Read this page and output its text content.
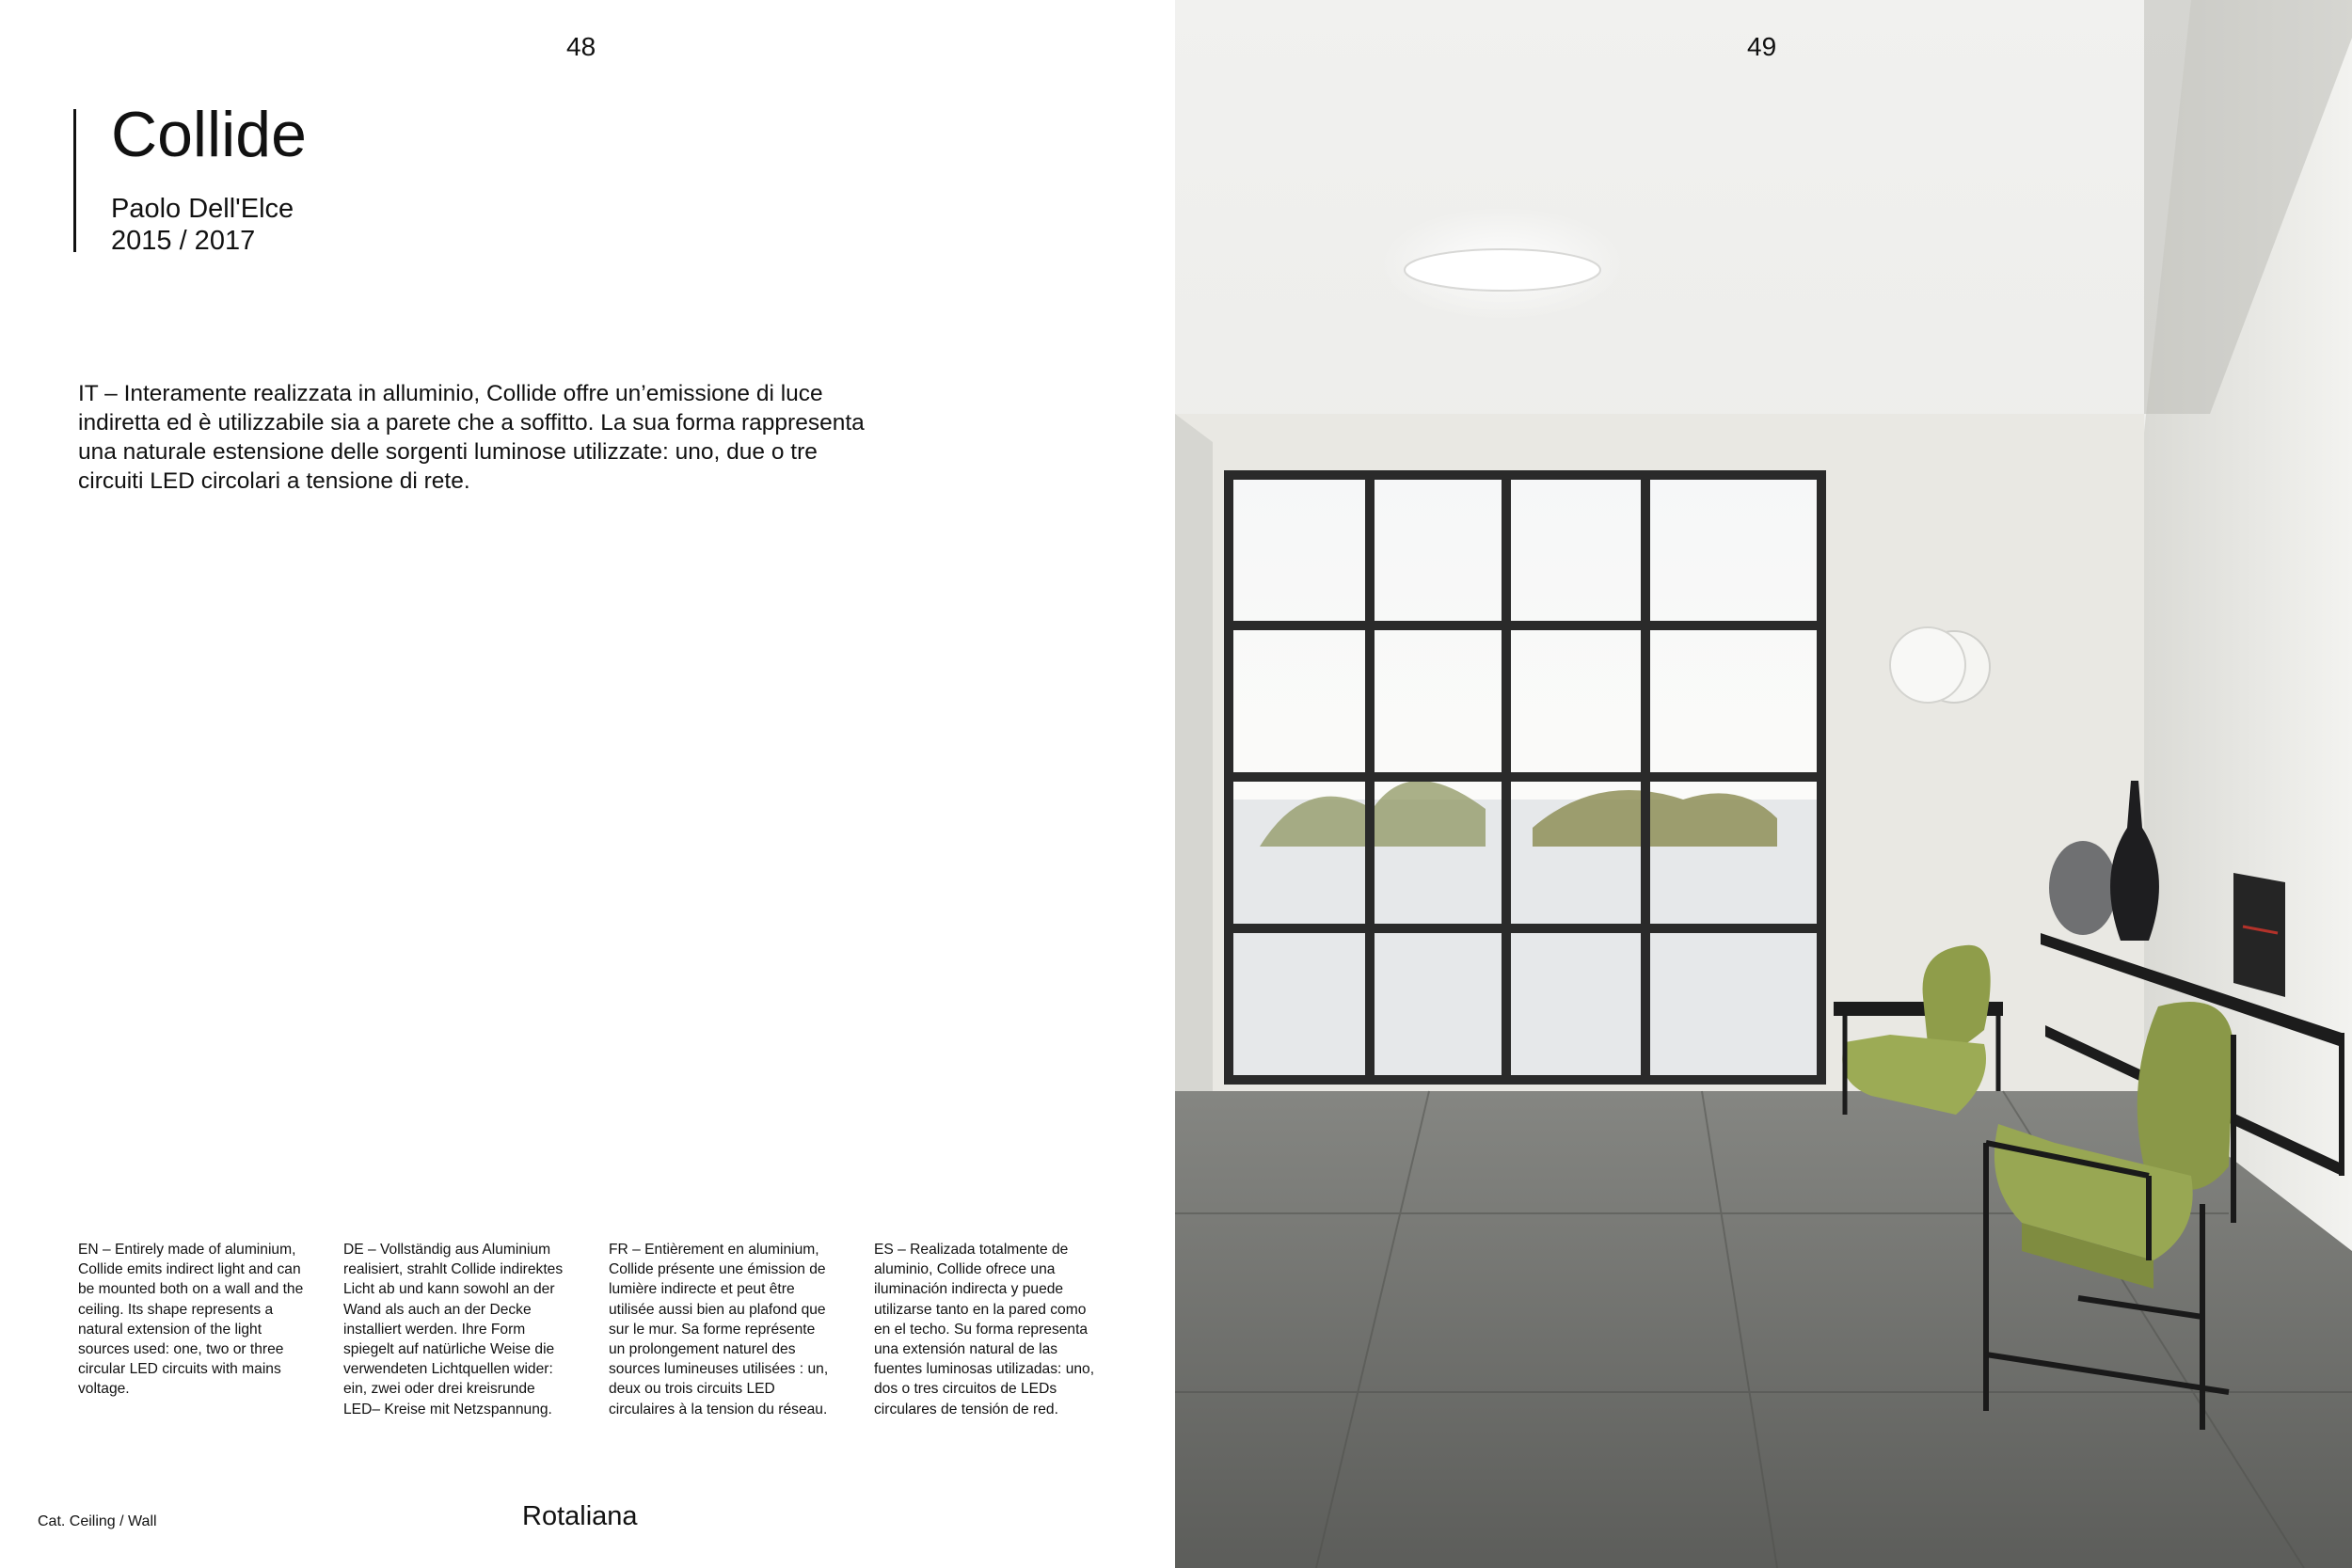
48
Collide
Paolo Dell'Elce
2015 / 2017
IT – Interamente realizzata in alluminio, Collide offre un’emissione di luce indiretta ed è utilizzabile sia a parete che a soffitto. La sua forma rappresenta una naturale estensione delle sorgenti luminose utilizzate: uno, due o tre circuiti LED circolari a tensione di rete.
EN – Entirely made of aluminium, Collide emits indirect light and can be mounted both on a wall and the ceiling. Its shape represents a natural extension of the light sources used: one, two or three circular LED circuits with mains voltage.
DE – Vollständig aus Aluminium realisiert, strahlt Collide indirektes Licht ab und kann sowohl an der Wand als auch an der Decke installiert werden. Ihre Form spiegelt auf natürliche Weise die verwendeten Lichtquellen wider: ein, zwei oder drei kreisrunde LED– Kreise mit Netzspannung.
FR – Entièrement en aluminium, Collide présente une émission de lumière indirecte et peut être utilisée aussi bien au plafond que sur le mur. Sa forme représente un prolongement naturel des sources lumineuses utilisées : un, deux ou trois circuits LED circulaires à la tension du réseau.
ES – Realizada totalmente de aluminio, Collide ofrece una iluminación indirecta y puede utilizarse tanto en la pared como en el techo. Su forma representa una extensión natural de las fuentes luminosas utilizadas: uno, dos o tres circuitos de LEDs circulares de tensión de red.
Cat. Ceiling / Wall	Rotaliana
49
